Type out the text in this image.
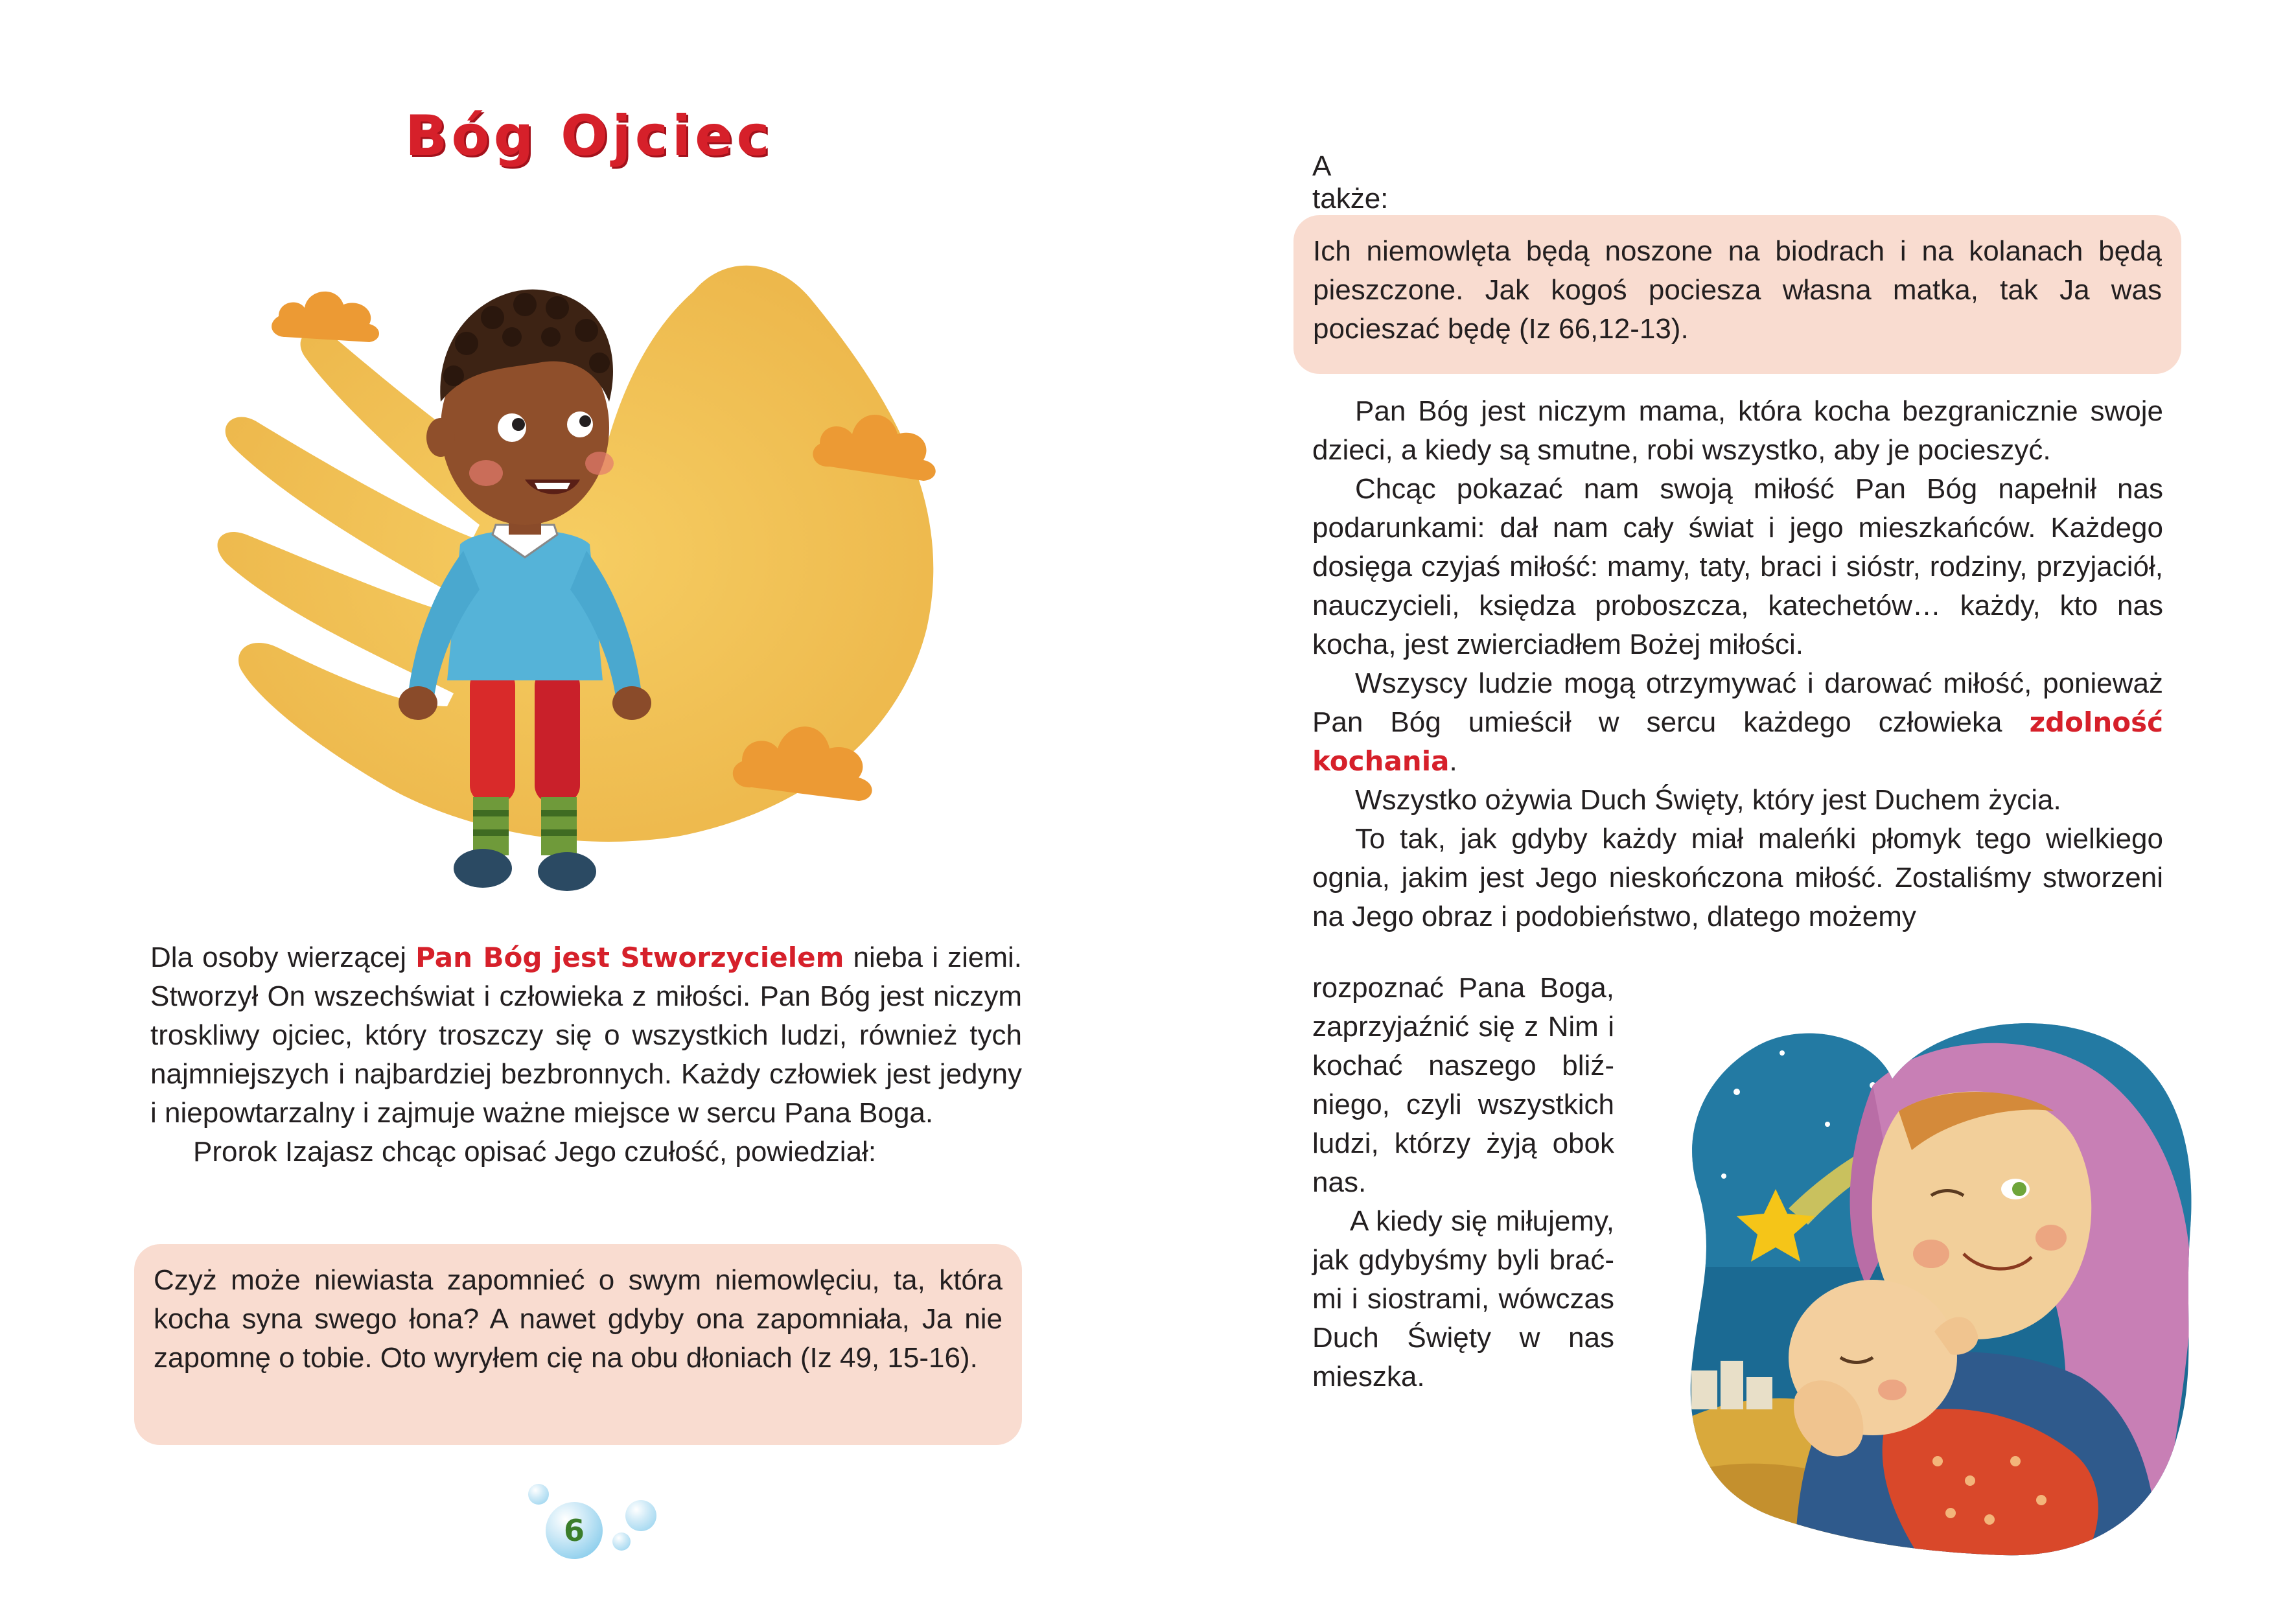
Bóg Ojciec

Dla osoby wierzącej Pan Bóg jest Stworzycielem nieba i ziemi. Stworzył On wszechświat i człowieka z miłości. Pan Bóg jest niczym troskliwy ojciec, który troszczy się o wszystkich ludzi, również tych najmniejszych i najbardziej bezbronnych. Każdy człowiek jest jedyny i niepowtarzalny i zajmuje ważne miejsce w sercu Pana Boga.

Prorok Izajasz chcąc opisać Jego czułość, powiedział:

Czyż może niewiasta zapomnieć o swym niemowlęciu, ta, która kocha syna swego łona? A nawet gdyby ona zapomniała, Ja nie zapomnę o tobie. Oto wyryłem cię na obu dłoniach (Iz 49, 15-16).
6
A także:
Ich niemowlęta będą noszone na biodrach i na kolanach będą pieszczone. Jak kogoś pociesza własna matka, tak Ja was pocieszać będę (Iz 66,12-13).

Pan Bóg jest niczym mama, która kocha bezgranicznie swoje dzieci, a kiedy są smutne, robi wszystko, aby je pocieszyć.

Chcąc pokazać nam swoją miłość Pan Bóg napełnił nas podarunkami: dał nam cały świat i jego mieszkańców. Każdego dosięga czyjaś miłość: mamy, taty, braci i sióstr, rodziny, przyjaciół, nauczycieli, księdza proboszcza, katechetów… każdy, kto nas kocha, jest zwierciadłem Bożej miłości.

Wszyscy ludzie mogą otrzymywać i darować miłość, ponieważ Pan Bóg umieścił w sercu każdego człowieka zdolność kochania.

Wszystko ożywia Duch Święty, który jest Duchem życia.

To tak, jak gdyby każdy miał maleńki płomyk tego wielkiego ognia, jakim jest Jego nieskończona miłość. Zostaliśmy stworzeni na Jego obraz i podobieństwo, dlatego możemy

rozpoznać Pana Boga, zaprzyjaźnić się z Nim i kochać naszego bliźniego, czyli wszystkich ludzi, którzy żyją obok nas.

A kiedy się miłujemy, jak gdybyśmy byli braćmi i siostrami, wówczas Duch Święty w nas mieszka.
